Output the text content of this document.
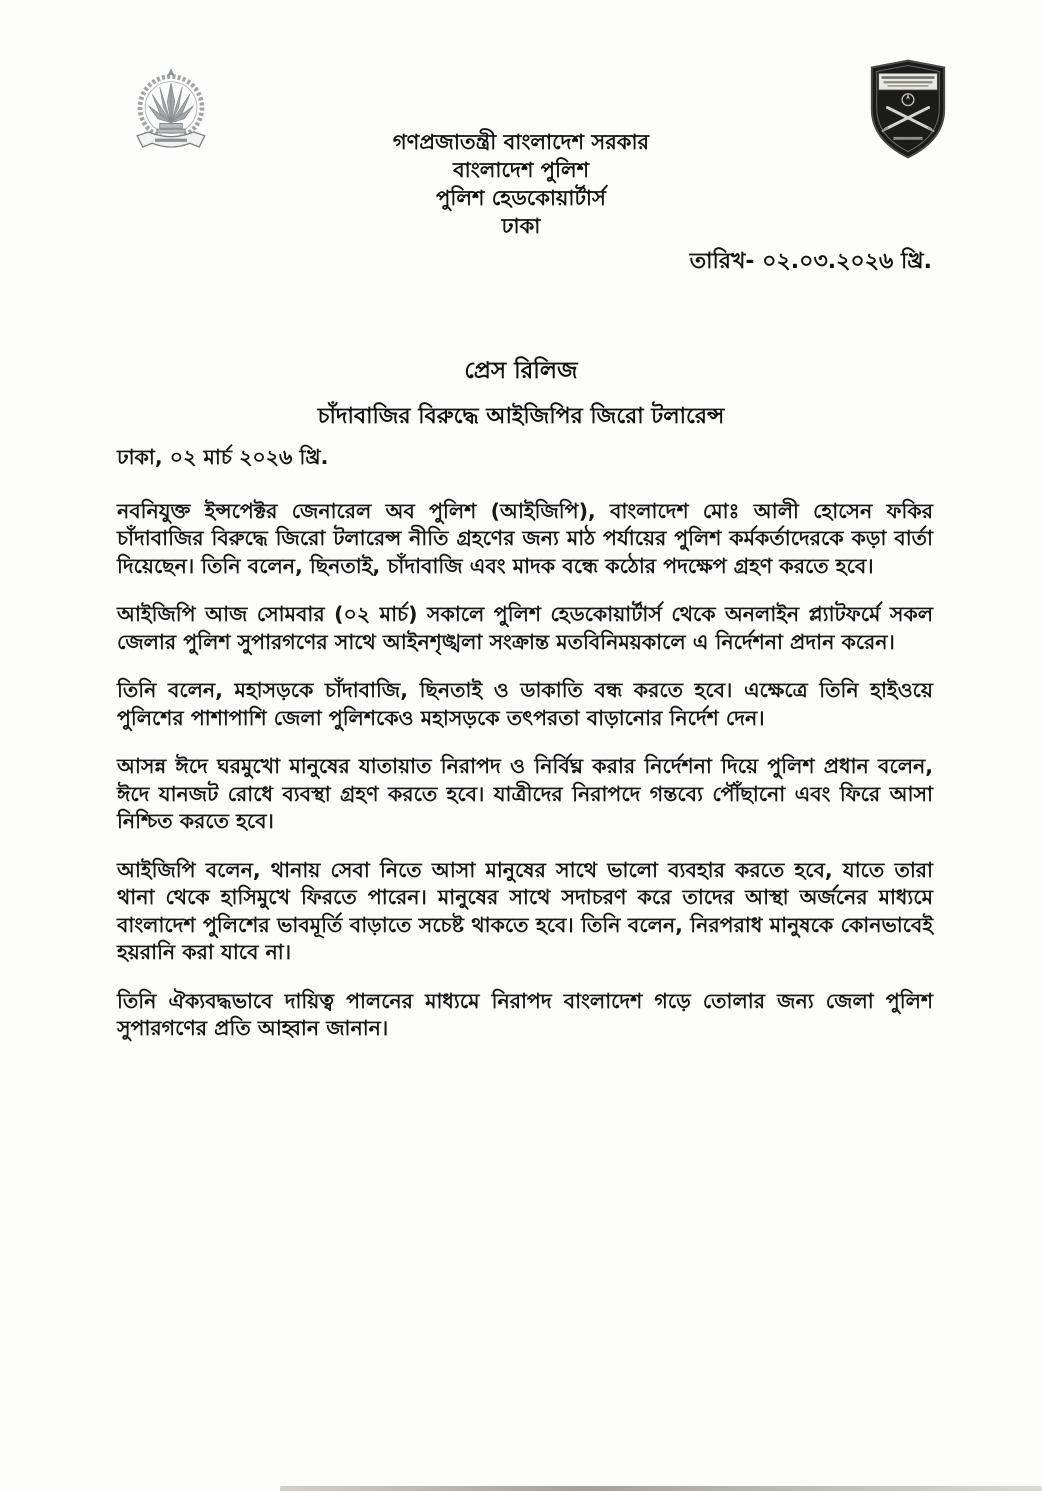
গণপ্রজাতন্ত্রী বাংলাদেশ সরকার
বাংলাদেশ পুলিশ
পুলিশ হেডকোয়ার্টার্স
ঢাকা
তারিখ- ০২.০৩.২০২৬ খ্রি.
প্রেস রিলিজ
চাঁদাবাজির বিরুদ্ধে আইজিপির জিরো টলারেন্স

ঢাকা, ০২ মার্চ ২০২৬ খ্রি.

নবনিযুক্ত ইন্সপেক্টর জেনারেল অব পুলিশ (আইজিপি), বাংলাদেশ মোঃ আলী হোসেন ফকির চাঁদাবাজির বিরুদ্ধে জিরো টলারেন্স নীতি গ্রহণের জন্য মাঠ পর্যায়ের পুলিশ কর্মকর্তাদেরকে কড়া বার্তা দিয়েছেন। তিনি বলেন, ছিনতাই, চাঁদাবাজি এবং মাদক বন্ধে কঠোর পদক্ষেপ গ্রহণ করতে হবে।

আইজিপি আজ সোমবার (০২ মার্চ) সকালে পুলিশ হেডকোয়ার্টার্স থেকে অনলাইন প্ল্যাটফর্মে সকল জেলার পুলিশ সুপারগণের সাথে আইনশৃঙ্খলা সংক্রান্ত মতবিনিময়কালে এ নির্দেশনা প্রদান করেন।

তিনি বলেন, মহাসড়কে চাঁদাবাজি, ছিনতাই ও ডাকাতি বন্ধ করতে হবে। এক্ষেত্রে তিনি হাইওয়ে পুলিশের পাশাপাশি জেলা পুলিশকেও মহাসড়কে তৎপরতা বাড়ানোর নির্দেশ দেন।

আসন্ন ঈদে ঘরমুখো মানুষের যাতায়াত নিরাপদ ও নির্বিঘ্ন করার নির্দেশনা দিয়ে পুলিশ প্রধান বলেন, ঈদে যানজট রোধে ব্যবস্থা গ্রহণ করতে হবে। যাত্রীদের নিরাপদে গন্তব্যে পৌঁছানো এবং ফিরে আসা নিশ্চিত করতে হবে।

আইজিপি বলেন, থানায় সেবা নিতে আসা মানুষের সাথে ভালো ব্যবহার করতে হবে, যাতে তারা থানা থেকে হাসিমুখে ফিরতে পারেন। মানুষের সাথে সদাচরণ করে তাদের আস্থা অর্জনের মাধ্যমে বাংলাদেশ পুলিশের ভাবমূর্তি বাড়াতে সচেষ্ট থাকতে হবে। তিনি বলেন, নিরপরাধ মানুষকে কোনভাবেই হয়রানি করা যাবে না।

তিনি ঐক্যবদ্ধভাবে দায়িত্ব পালনের মাধ্যমে নিরাপদ বাংলাদেশ গড়ে তোলার জন্য জেলা পুলিশ সুপারগণের প্রতি আহ্বান জানান।
